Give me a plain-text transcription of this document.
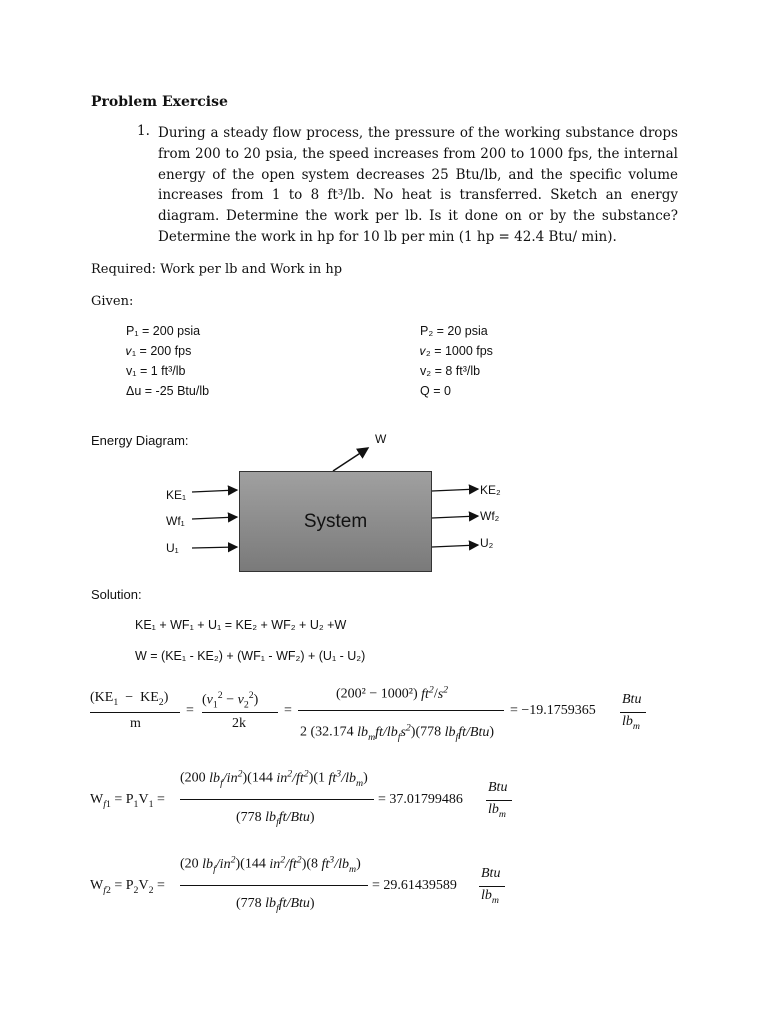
Problem Exercise
1. During a steady flow process, the pressure of the working substance drops from 200 to 20 psia, the speed increases from 200 to 1000 fps, the internal energy of the open system decreases 25 Btu/lb, and the specific volume increases from 1 to 8 ft³/lb. No heat is transferred. Sketch an energy diagram. Determine the work per lb. Is it done on or by the substance? Determine the work in hp for 10 lb per min (1 hp = 42.4 Btu/ min).
Required: Work per lb and Work in hp
Given:
P₁ = 200 psia
𝑣₁ = 200 fps
v₁ = 1 ft³/lb
Δu = -25 Btu/lb
P₂ = 20 psia
𝑣₂ = 1000 fps
v₂ = 8 ft³/lb
Q = 0
Energy Diagram:	W
System
KE₁
Wf₁
U₁
KE₂
Wf₂
U₂
Solution:
KE₁ + WF₁ + U₁ = KE₂ + WF₂ + U₂ +W
W = (KE₁ - KE₂) + (WF₁ - WF₂) + (U₁ - U₂)
$(KE_1 - KE_2)$
m
=
$(v_1^2 - v_2^2)$
2k
=
(200² − 1000²) $ft^2/s^2$
2 (32.174 $lb_mft/lb_fs^2)(778$ $lb_fft/Btu$)
= −19.1759365
Btu
$lb_m$
$W_{f1} = P_1V_1$ =
(200 $lb_f/in^2)(144$ $in^2/ft^2)(1$ $ft^3/lb_m$)
(778 $lb_fft/Btu$)
= 37.01799486
Btu
$lb_m$
$W_{f2} = P_2V_2$ =
(20 $lb_f/in^2)(144$ $in^2/ft^2)(8$ $ft^3/lb_m$)
(778 $lb_fft/Btu$)
= 29.61439589
Btu
$lb_m$
